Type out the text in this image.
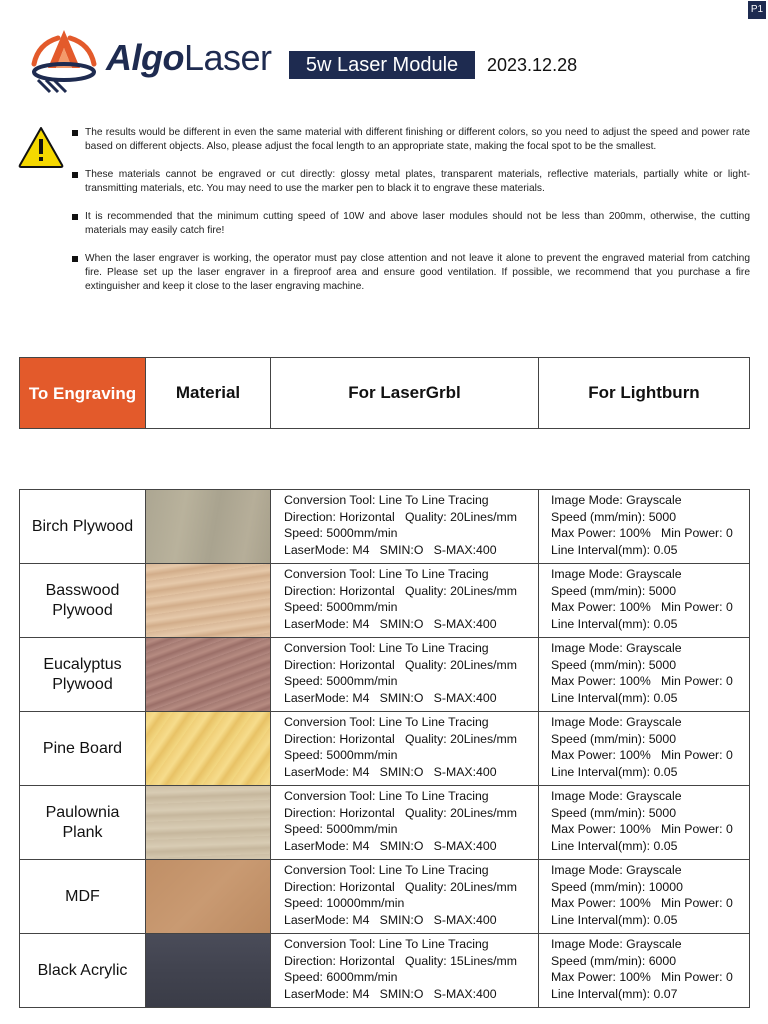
P1
AlgoLaser	5w Laser Module	2023.12.28
The results would be different in even the same material with different finishing or different colors, so you need to adjust the speed and power rate based on different objects. Also, please adjust the focal length to an appropriate state, making the focal spot to be the smallest.
These materials cannot be engraved or cut directly: glossy metal plates, transparent materials, reflective materials, partially white or light-transmitting materials, etc. You may need to use the marker pen to black it to engrave these materials.
It is recommended that the minimum cutting speed of 10W and above laser modules should not be less than 200mm, otherwise, the cutting materials may easily catch fire!
When the laser engraver is working, the operator must pay close attention and not leave it alone to prevent the engraved material from catching fire. Please set up the laser engraver in a fireproof area and ensure good ventilation. If possible, we recommend that you purchase a fire extinguisher and keep it close to the laser engraving machine.
To Engraving	Material	For LaserGrbl	For Lightburn
Birch Plywood		Conversion Tool: Line To Line Tracing
Direction: Horizontal   Quality: 20Lines/mm
Speed: 5000mm/min
LaserMode: M4   SMIN:O   S-MAX:400	Image Mode: Grayscale
Speed (mm/min): 5000
Max Power: 100%   Min Power: 0
Line Interval(mm): 0.05

Basswood Plywood		Conversion Tool: Line To Line Tracing
Direction: Horizontal   Quality: 20Lines/mm
Speed: 5000mm/min
LaserMode: M4   SMIN:O   S-MAX:400	Image Mode: Grayscale
Speed (mm/min): 5000
Max Power: 100%   Min Power: 0
Line Interval(mm): 0.05

Eucalyptus Plywood		Conversion Tool: Line To Line Tracing
Direction: Horizontal   Quality: 20Lines/mm
Speed: 5000mm/min
LaserMode: M4   SMIN:O   S-MAX:400	Image Mode: Grayscale
Speed (mm/min): 5000
Max Power: 100%   Min Power: 0
Line Interval(mm): 0.05

Pine Board		Conversion Tool: Line To Line Tracing
Direction: Horizontal   Quality: 20Lines/mm
Speed: 5000mm/min
LaserMode: M4   SMIN:O   S-MAX:400	Image Mode: Grayscale
Speed (mm/min): 5000
Max Power: 100%   Min Power: 0
Line Interval(mm): 0.05

Paulownia Plank		Conversion Tool: Line To Line Tracing
Direction: Horizontal   Quality: 20Lines/mm
Speed: 5000mm/min
LaserMode: M4   SMIN:O   S-MAX:400	Image Mode: Grayscale
Speed (mm/min): 5000
Max Power: 100%   Min Power: 0
Line Interval(mm): 0.05

MDF		Conversion Tool: Line To Line Tracing
Direction: Horizontal   Quality: 20Lines/mm
Speed: 10000mm/min
LaserMode: M4   SMIN:O   S-MAX:400	Image Mode: Grayscale
Speed (mm/min): 10000
Max Power: 100%   Min Power: 0
Line Interval(mm): 0.05

Black Acrylic		Conversion Tool: Line To Line Tracing
Direction: Horizontal   Quality: 15Lines/mm
Speed: 6000mm/min
LaserMode: M4   SMIN:O   S-MAX:400	Image Mode: Grayscale
Speed (mm/min): 6000
Max Power: 100%   Min Power: 0
Line Interval(mm): 0.07
